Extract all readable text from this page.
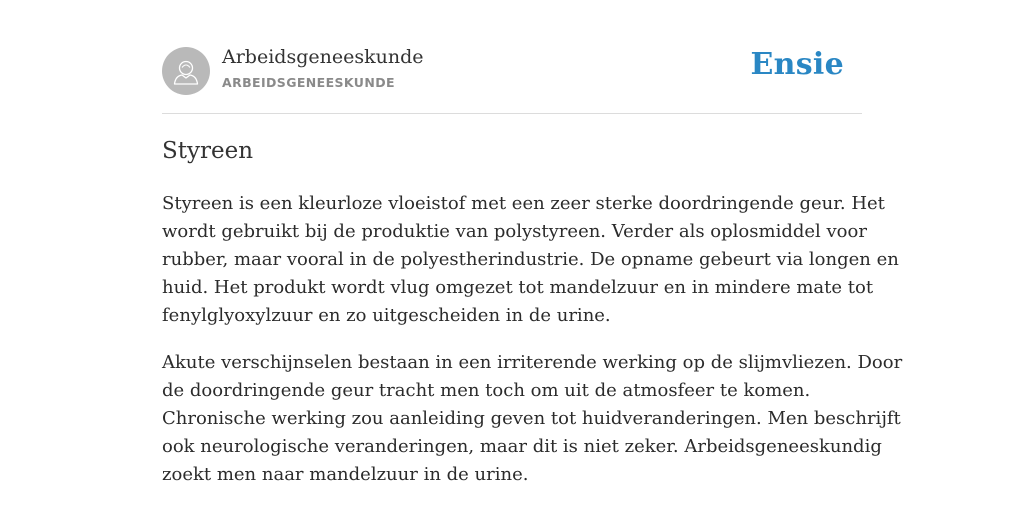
Arbeidsgeneeskunde
ARBEIDSGENEESKUNDE
Ensie
Styreen

Styreen is een kleurloze vloeistof met een zeer sterke doordringende geur. Het
wordt gebruikt bij de produktie van polystyreen. Verder als oplosmiddel voor
rubber, maar vooral in de polyestherindustrie. De opname gebeurt via longen en
huid. Het produkt wordt vlug omgezet tot mandelzuur en in mindere mate tot
fenylglyoxylzuur en zo uitgescheiden in de urine.

Akute verschijnselen bestaan in een irriterende werking op de slijmvliezen. Door
de doordringende geur tracht men toch om uit de atmosfeer te komen.
Chronische werking zou aanleiding geven tot huidveranderingen. Men beschrijft
ook neurologische veranderingen, maar dit is niet zeker. Arbeidsgeneeskundig
zoekt men naar mandelzuur in de urine.
